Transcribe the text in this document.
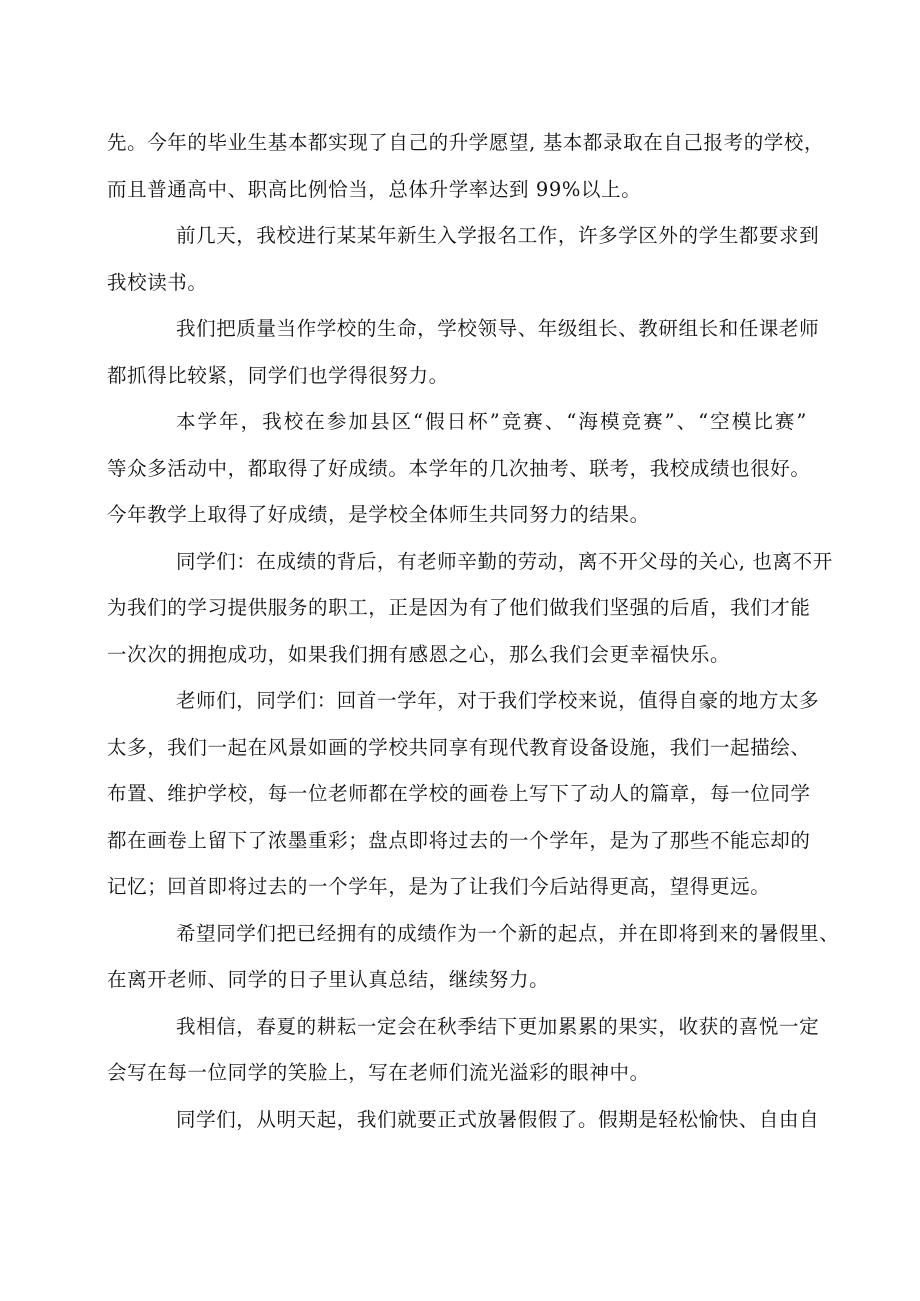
先。今年的毕业生基本都实现了自己的升学愿望, 基本都录取在自己报考的学校，
而且普通高中、职高比例恰当，总体升学率达到 99%以上。

前几天，我校进行某某年新生入学报名工作，许多学区外的学生都要求到
我校读书。

我们把质量当作学校的生命，学校领导、年级组长、教研组长和任课老师
都抓得比较紧，同学们也学得很努力。

本学年，我校在参加县区“假日杯”竞赛、“海模竞赛”、“空模比赛”
等众多活动中，都取得了好成绩。本学年的几次抽考、联考，我校成绩也很好。
今年教学上取得了好成绩，是学校全体师生共同努力的结果。

同学们：在成绩的背后，有老师辛勤的劳动，离不开父母的关心, 也离不开
为我们的学习提供服务的职工，正是因为有了他们做我们坚强的后盾，我们才能
一次次的拥抱成功，如果我们拥有感恩之心，那么我们会更幸福快乐。

老师们，同学们：回首一学年，对于我们学校来说，值得自豪的地方太多
太多，我们一起在风景如画的学校共同享有现代教育设备设施，我们一起描绘、
布置、维护学校，每一位老师都在学校的画卷上写下了动人的篇章，每一位同学
都在画卷上留下了浓墨重彩；盘点即将过去的一个学年，是为了那些不能忘却的
记忆；回首即将过去的一个学年，是为了让我们今后站得更高，望得更远。

希望同学们把已经拥有的成绩作为一个新的起点，并在即将到来的暑假里、
在离开老师、同学的日子里认真总结，继续努力。

我相信，春夏的耕耘一定会在秋季结下更加累累的果实，收获的喜悦一定
会写在每一位同学的笑脸上，写在老师们流光溢彩的眼神中。

同学们，从明天起，我们就要正式放暑假假了。假期是轻松愉快、自由自
